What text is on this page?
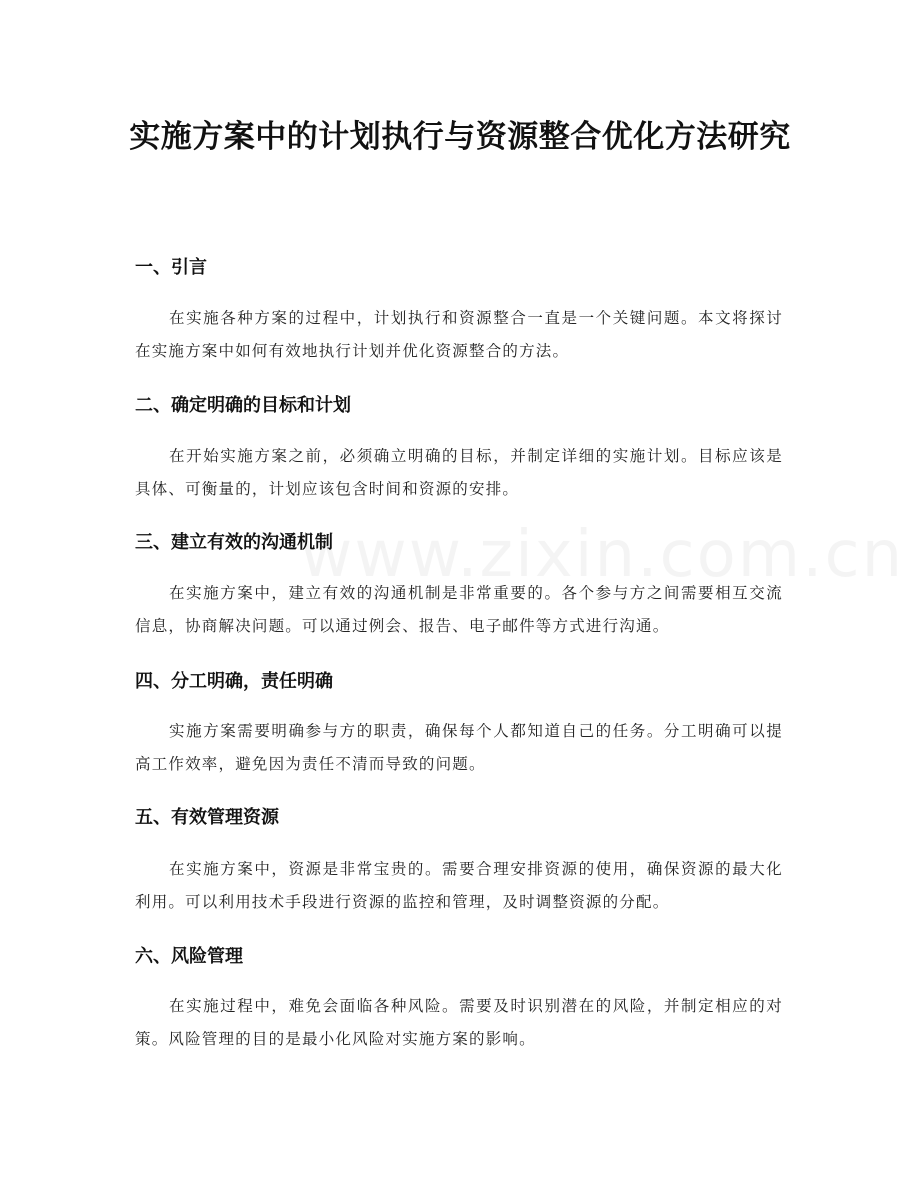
实施方案中的计划执行与资源整合优化方法研究
一、引言

在实施各种方案的过程中，计划执行和资源整合一直是一个关键问题。本文将探讨在实施方案中如何有效地执行计划并优化资源整合的方法。

二、确定明确的目标和计划

在开始实施方案之前，必须确立明确的目标，并制定详细的实施计划。目标应该是具体、可衡量的，计划应该包含时间和资源的安排。

三、建立有效的沟通机制

在实施方案中，建立有效的沟通机制是非常重要的。各个参与方之间需要相互交流信息，协商解决问题。可以通过例会、报告、电子邮件等方式进行沟通。

四、分工明确，责任明确

实施方案需要明确参与方的职责，确保每个人都知道自己的任务。分工明确可以提高工作效率，避免因为责任不清而导致的问题。

五、有效管理资源

在实施方案中，资源是非常宝贵的。需要合理安排资源的使用，确保资源的最大化利用。可以利用技术手段进行资源的监控和管理，及时调整资源的分配。

六、风险管理

在实施过程中，难免会面临各种风险。需要及时识别潜在的风险，并制定相应的对策。风险管理的目的是最小化风险对实施方案的影响。
